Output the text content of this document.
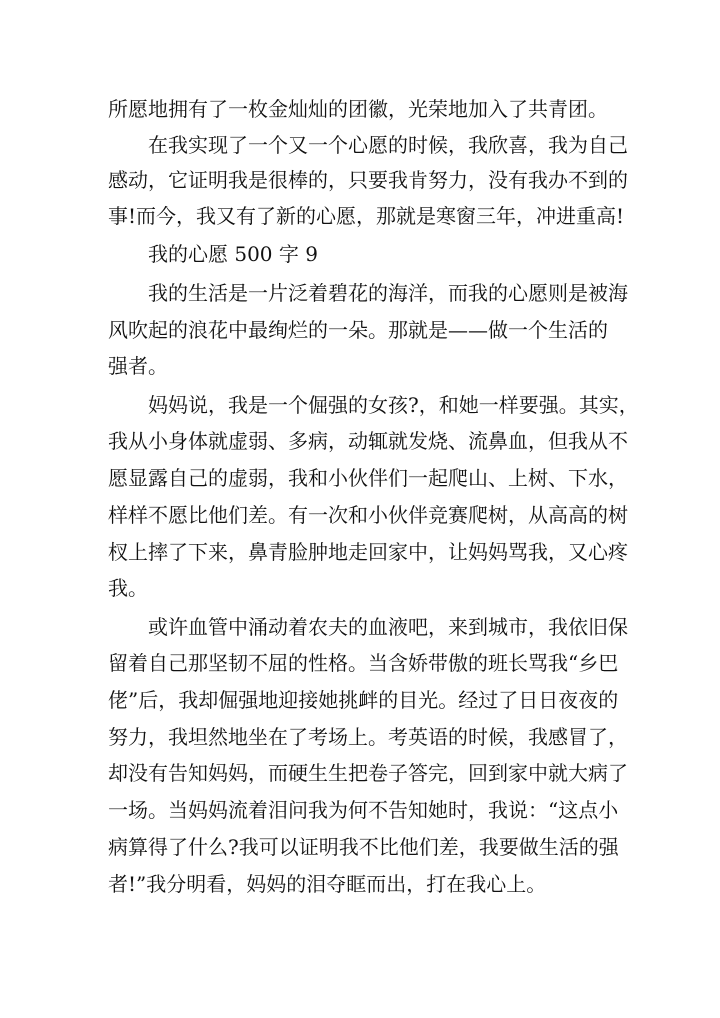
所愿地拥有了一枚金灿灿的团徽，光荣地加入了共青团。
在我实现了一个又一个心愿的时候，我欣喜，我为自己
感动，它证明我是很棒的，只要我肯努力，没有我办不到的
事!而今，我又有了新的心愿，那就是寒窗三年，冲进重高!
我的心愿 500 字 9
我的生活是一片泛着碧花的海洋，而我的心愿则是被海
风吹起的浪花中最绚烂的一朵。那就是——做一个生活的
强者。
妈妈说，我是一个倔强的女孩?，和她一样要强。其实，
我从小身体就虚弱、多病，动辄就发烧、流鼻血，但我从不
愿显露自己的虚弱，我和小伙伴们一起爬山、上树、下水，
样样不愿比他们差。有一次和小伙伴竞赛爬树，从高高的树
杈上摔了下来，鼻青脸肿地走回家中，让妈妈骂我，又心疼
我。
或许血管中涌动着农夫的血液吧，来到城市，我依旧保
留着自己那坚韧不屈的性格。当含娇带傲的班长骂我“乡巴
佬”后，我却倔强地迎接她挑衅的目光。经过了日日夜夜的
努力，我坦然地坐在了考场上。考英语的时候，我感冒了，
却没有告知妈妈，而硬生生把卷子答完，回到家中就大病了
一场。当妈妈流着泪问我为何不告知她时，我说：“这点小
病算得了什么?我可以证明我不比他们差，我要做生活的强
者!”我分明看，妈妈的泪夺眶而出，打在我心上。
